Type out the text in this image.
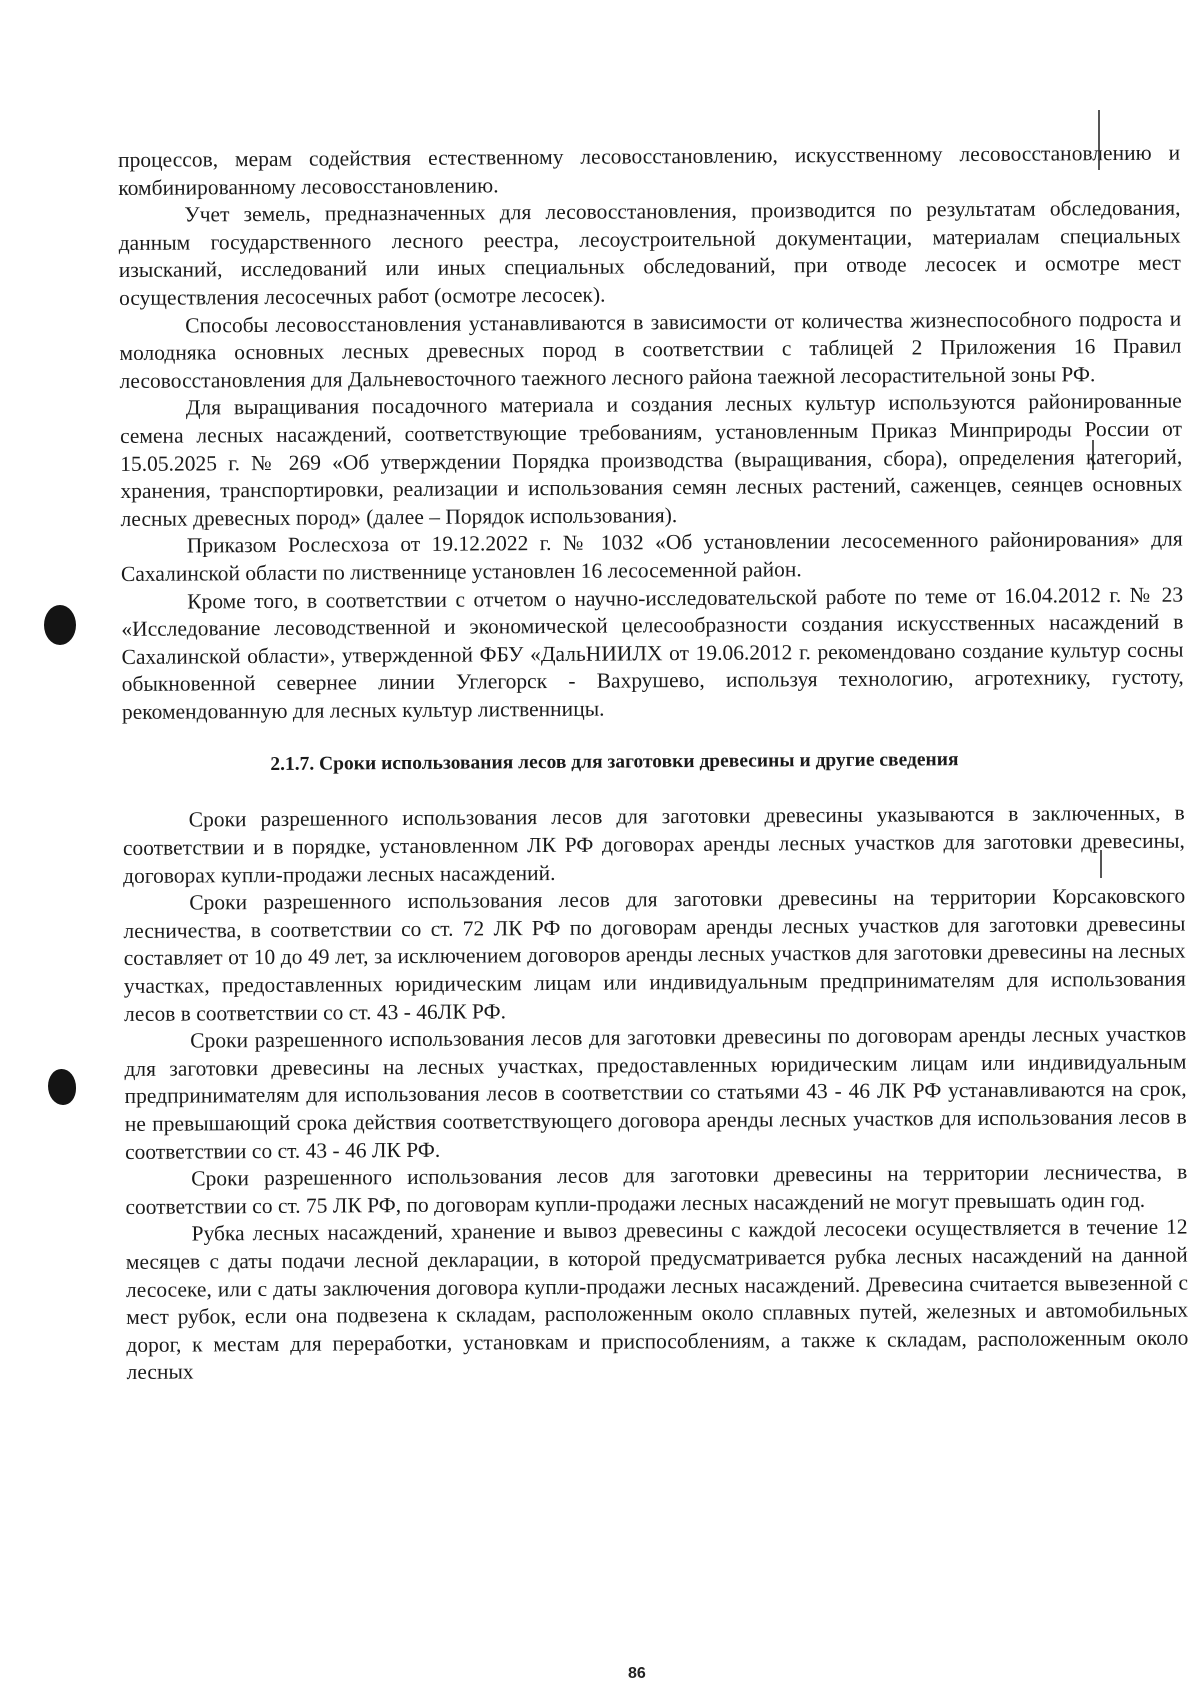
процессов, мерам содействия естественному лесовосстановлению, искусственному лесовосстановлению и комбинированному лесовосстановлению.

Учет земель, предназначенных для лесовосстановления, производится по результатам обследования, данным государственного лесного реестра, лесоустроительной документации, материалам специальных изысканий, исследований или иных специальных обследований, при отводе лесосек и осмотре мест осуществления лесосечных работ (осмотре лесосек).

Способы лесовосстановления устанавливаются в зависимости от количества жизнеспособного подроста и молодняка основных лесных древесных пород в соответствии с таблицей 2 Приложения 16 Правил лесовосстановления для Дальневосточного таежного лесного района таежной лесорастительной зоны РФ.

Для выращивания посадочного материала и создания лесных культур используются районированные семена лесных насаждений, соответствующие требованиям, установленным Приказ Минприроды России от 15.05.2025 г. № 269 «Об утверждении Порядка производства (выращивания, сбора), определения категорий, хранения, транспортировки, реализации и использования семян лесных растений, саженцев, сеянцев основных лесных древесных пород» (далее – Порядок использования).

Приказом Рослесхоза от 19.12.2022 г. № 1032 «Об установлении лесосеменного районирования» для Сахалинской области по лиственнице установлен 16 лесосеменной район.

Кроме того, в соответствии с отчетом о научно-исследовательской работе по теме от 16.04.2012 г. № 23 «Исследование лесоводственной и экономической целесообразности создания искусственных насаждений в Сахалинской области», утвержденной ФБУ «ДальНИИЛХ от 19.06.2012 г. рекомендовано создание культур сосны обыкновенной севернее линии Углегорск - Вахрушево, используя технологию, агротехнику, густоту, рекомендованную для лесных культур лиственницы.

2.1.7. Сроки использования лесов для заготовки древесины и другие сведения

Сроки разрешенного использования лесов для заготовки древесины указываются в заключенных, в соответствии и в порядке, установленном ЛК РФ договорах аренды лесных участков для заготовки древесины, договорах купли-продажи лесных насаждений.

Сроки разрешенного использования лесов для заготовки древесины на территории Корсаковского лесничества, в соответствии со ст. 72 ЛК РФ по договорам аренды лесных участков для заготовки древесины составляет от 10 до 49 лет, за исключением договоров аренды лесных участков для заготовки древесины на лесных участках, предоставленных юридическим лицам или индивидуальным предпринимателям для использования лесов в соответствии со ст. 43 - 46ЛК РФ.

Сроки разрешенного использования лесов для заготовки древесины по договорам аренды лесных участков для заготовки древесины на лесных участках, предоставленных юридическим лицам или индивидуальным предпринимателям для использования лесов в соответствии со статьями 43 - 46 ЛК РФ устанавливаются на срок, не превышающий срока действия соответствующего договора аренды лесных участков для использования лесов в соответствии со ст. 43 - 46 ЛК РФ.

Сроки разрешенного использования лесов для заготовки древесины на территории лесничества, в соответствии со ст. 75 ЛК РФ, по договорам купли-продажи лесных насаждений не могут превышать один год.

Рубка лесных насаждений, хранение и вывоз древесины с каждой лесосеки осуществляется в течение 12 месяцев с даты подачи лесной декларации, в которой предусматривается рубка лесных насаждений на данной лесосеке, или с даты заключения договора купли-продажи лесных насаждений. Древесина считается вывезенной с мест рубок, если она подвезена к складам, расположенным около сплавных путей, железных и автомобильных дорог, к местам для переработки, установкам и приспособлениям, а также к складам, расположенным около лесных

86
